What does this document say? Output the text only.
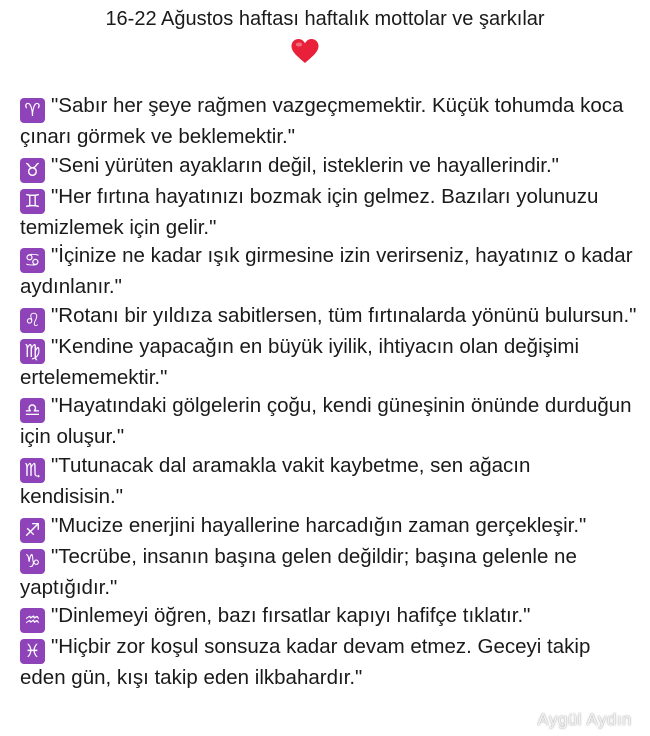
16-22 Ağustos haftası haftalık mottolar ve şarkılar
♈ "Sabır her şeye rağmen vazgeçmemektir. Küçük tohumda koca çınarı görmek ve beklemektir."
♉ "Seni yürüten ayakların değil, isteklerin ve hayallerindir."
♊ "Her fırtına hayatınızı bozmak için gelmez. Bazıları yolunuzu temizlemek için gelir."
♋ "İçinize ne kadar ışık girmesine izin verirseniz, hayatınız o kadar aydınlanır."
♌ "Rotanı bir yıldıza sabitlersen, tüm fırtınalarda yönünü bulursun."
♍ "Kendine yapacağın en büyük iyilik, ihtiyacın olan değişimi ertelememektir."
♎ "Hayatındaki gölgelerin çoğu, kendi güneşinin önünde durduğun için oluşur."
♏ "Tutunacak dal aramakla vakit kaybetme, sen ağacın kendisisin."
♐ "Mucize enerjini hayallerine harcadığın zaman gerçekleşir."
♑ "Tecrübe, insanın başına gelen değildir; başına gelenle ne yaptığıdır."
♒ "Dinlemeyi öğren, bazı fırsatlar kapıyı hafifçe tıklatır."
♓ "Hiçbir zor koşul sonsuza kadar devam etmez. Geceyi takip eden gün, kışı takip eden ilkbahardır."
Aygül Aydın
